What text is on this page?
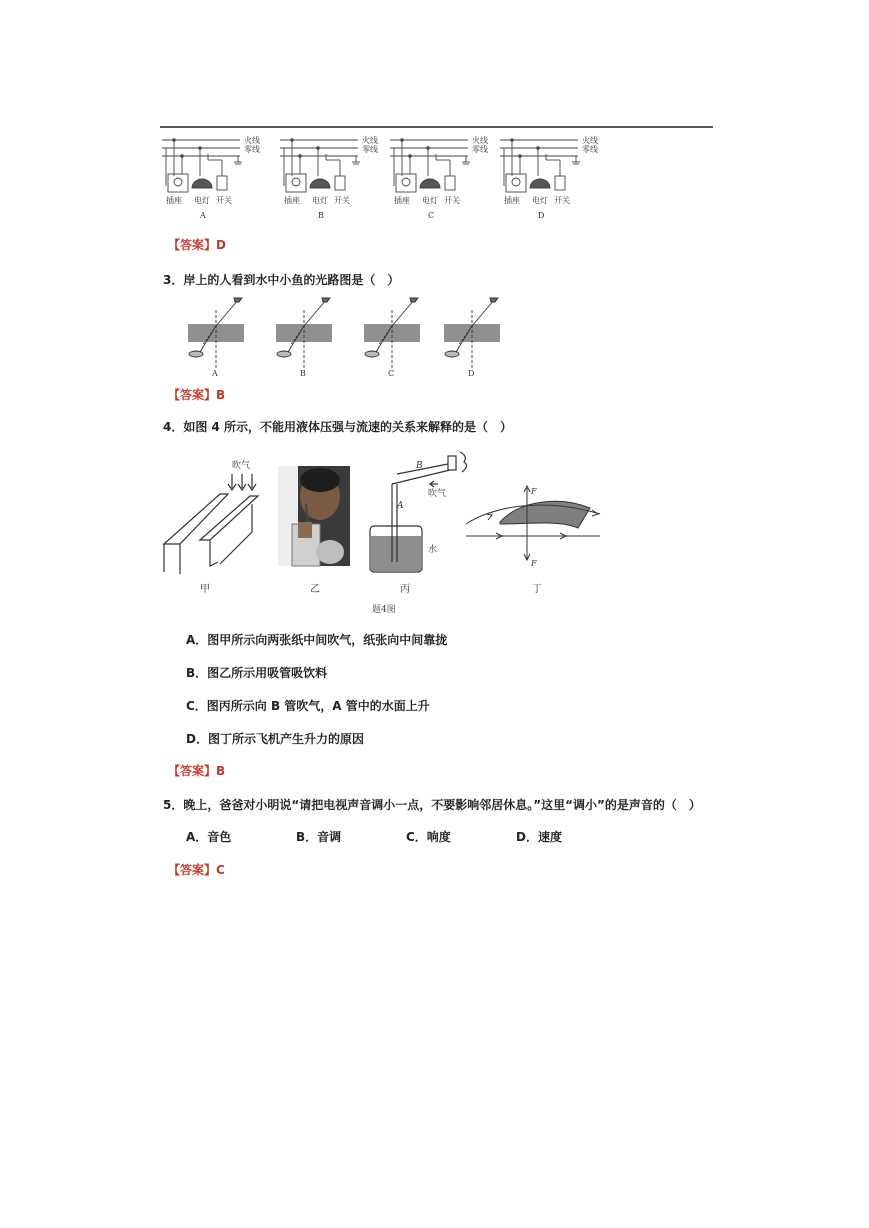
火线
零线
插座 电灯 开关
A
火线
零线
插座 电灯 开关
B
火线
零线
插座 电灯 开关
C
火线
零线
插座 电灯 开关
D
【答案】D
3．岸上的人看到水中小鱼的光路图是（　）
A	B	C	D
【答案】B
4．如图 4 所示，不能用液体压强与流速的关系来解释的是（　）
吹气	B
A
吹气
水
F
F
甲	乙	丙	丁
题4图
A．图甲所示向两张纸中间吹气，纸张向中间靠拢
B．图乙所示用吸管吸饮料
C．图丙所示向 B 管吹气，A 管中的水面上升
D．图丁所示飞机产生升力的原因
【答案】B
5．晚上，爸爸对小明说“请把电视声音调小一点，不要影响邻居休息。”这里“调小”的是声音的（　）
A．音色	B．音调	C．响度	D．速度
【答案】C
